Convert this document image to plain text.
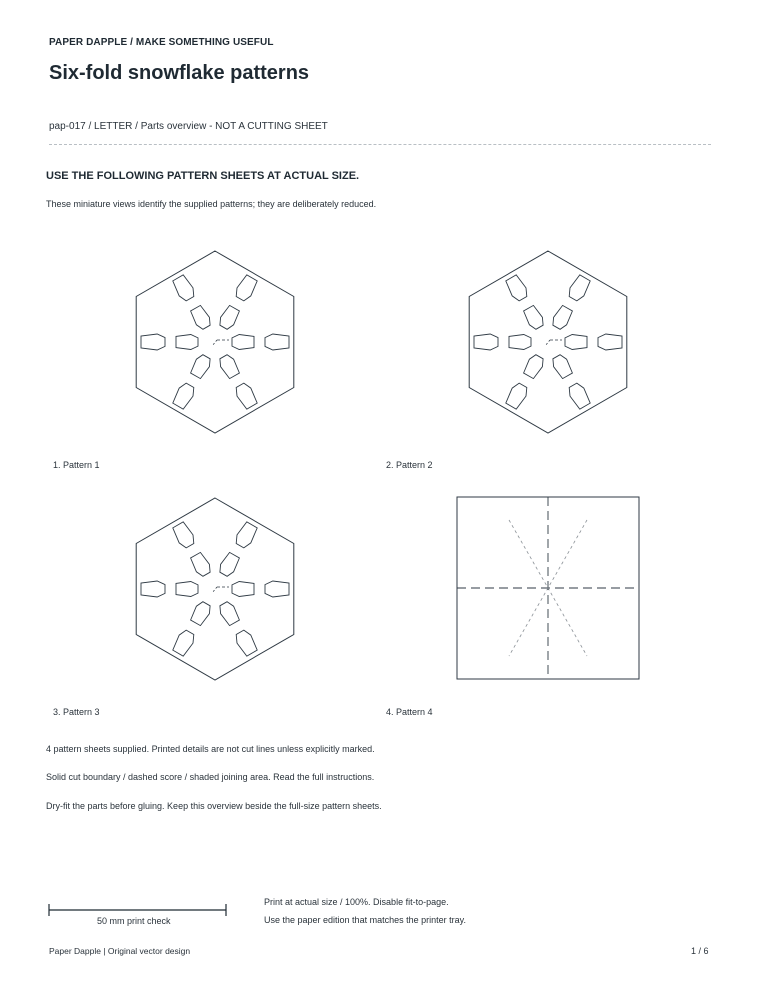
PAPER DAPPLE / MAKE SOMETHING USEFUL
Six-fold snowflake patterns
pap-017 / LETTER / Parts overview - NOT A CUTTING SHEET
USE THE FOLLOWING PATTERN SHEETS AT ACTUAL SIZE.
These miniature views identify the supplied patterns; they are deliberately reduced.
1. Pattern 1	2. Pattern 2
3. Pattern 3	4. Pattern 4
4 pattern sheets supplied. Printed details are not cut lines unless explicitly marked.
Solid cut boundary / dashed score / shaded joining area. Read the full instructions.
Dry-fit the parts before gluing. Keep this overview beside the full-size pattern sheets.
50 mm print check
Print at actual size / 100%. Disable fit-to-page.
Use the paper edition that matches the printer tray.
Paper Dapple | Original vector design	1 / 6
